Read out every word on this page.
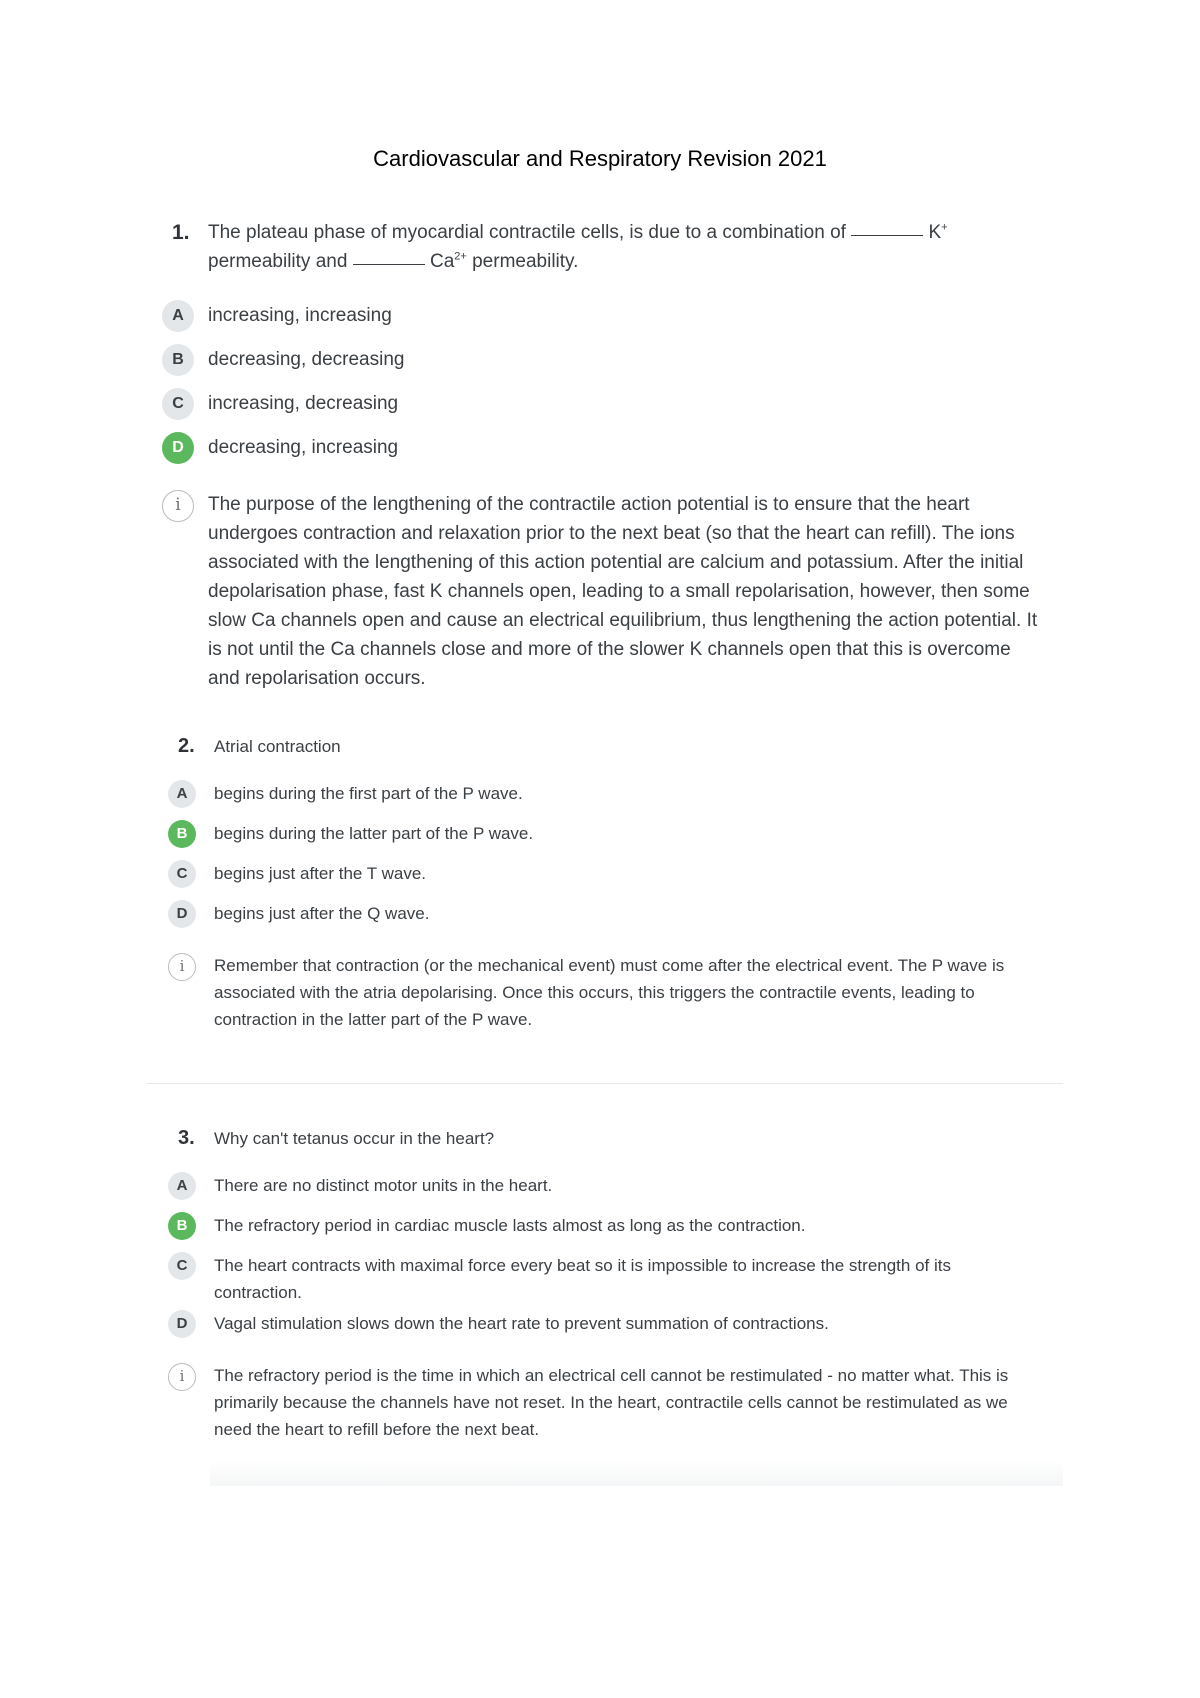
Cardiovascular and Respiratory Revision 2021
1. The plateau phase of myocardial contractile cells, is due to a combination of	K+ permeability and	$Ca^{2+}$ permeability.
A	increasing, increasing
B	decreasing, decreasing
C	increasing, decreasing
D	decreasing, increasing
i	The purpose of the lengthening of the contractile action potential is to ensure that the heart undergoes contraction and relaxation prior to the next beat (so that the heart can refill). The ions associated with the lengthening of this action potential are calcium and potassium. After the initial depolarisation phase, fast K channels open, leading to a small repolarisation, however, then some slow Ca channels open and cause an electrical equilibrium, thus lengthening the action potential. It is not until the Ca channels close and more of the slower K channels open that this is overcome and repolarisation occurs.
2. Atrial contraction
A	begins during the first part of the P wave.
B	begins during the latter part of the P wave.
C	begins just after the T wave.
D	begins just after the Q wave.
i	Remember that contraction (or the mechanical event) must come after the electrical event. The P wave is associated with the atria depolarising. Once this occurs, this triggers the contractile events, leading to contraction in the latter part of the P wave.
3. Why can't tetanus occur in the heart?
A	There are no distinct motor units in the heart.
B	The refractory period in cardiac muscle lasts almost as long as the contraction.
C	The heart contracts with maximal force every beat so it is impossible to increase the strength of its contraction.
D	Vagal stimulation slows down the heart rate to prevent summation of contractions.
i	The refractory period is the time in which an electrical cell cannot be restimulated - no matter what. This is primarily because the channels have not reset. In the heart, contractile cells cannot be restimulated as we need the heart to refill before the next beat.
